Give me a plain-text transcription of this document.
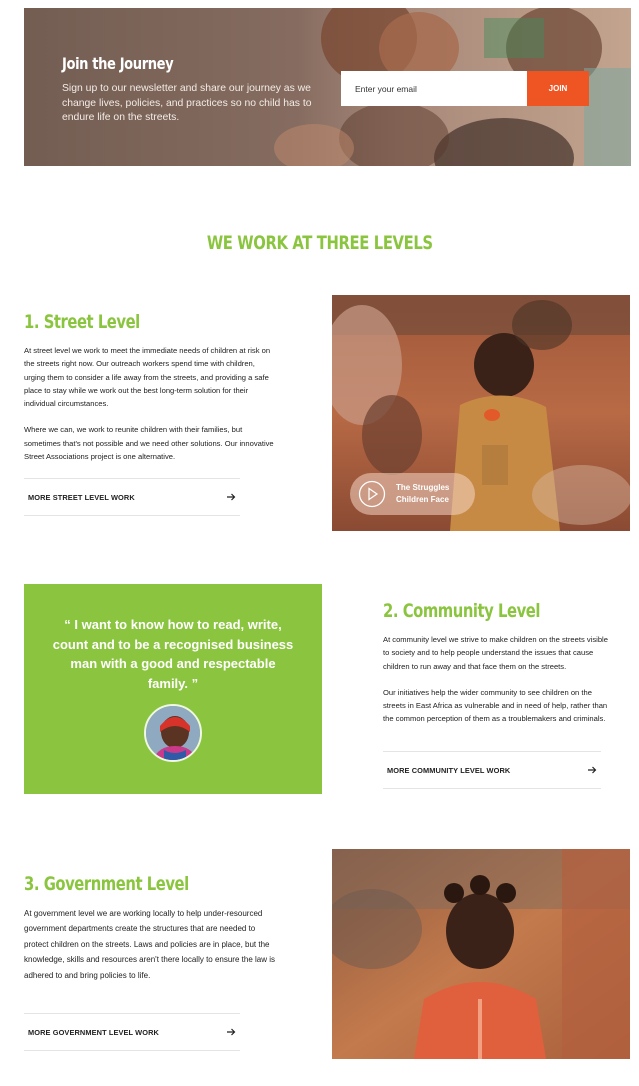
Join the Journey

Sign up to our newsletter and share our journey as we change lives, policies, and practices so no child has to endure life on the streets.

Enter your email
JOIN
WE WORK AT THREE LEVELS
1. Street Level

At street level we work to meet the immediate needs of children at risk on the streets right now. Our outreach workers spend time with children, urging them to consider a life away from the streets, and providing a safe place to stay while we work out the best long-term solution for their individual circumstances.

Where we can, we work to reunite children with their families, but sometimes that's not possible and we need other solutions. Our innovative Street Associations project is one alternative.

MORE STREET LEVEL WORK
The Struggles Children Face

“ I want to know how to read, write, count and to be a recognised business man with a good and respectable family. ”

2. Community Level

At community level we strive to make children on the streets visible to society and to help people understand the issues that cause children to run away and that face them on the streets.

Our initiatives help the wider community to see children on the streets in East Africa as vulnerable and in need of help, rather than the common perception of them as a troublemakers and criminals.

MORE COMMUNITY LEVEL WORK
3. Government Level

At government level we are working locally to help under-resourced government departments create the structures that are needed to protect children on the streets. Laws and policies are in place, but the knowledge, skills and resources aren't there locally to ensure the law is adhered to and bring policies to life.

MORE GOVERNMENT LEVEL WORK
